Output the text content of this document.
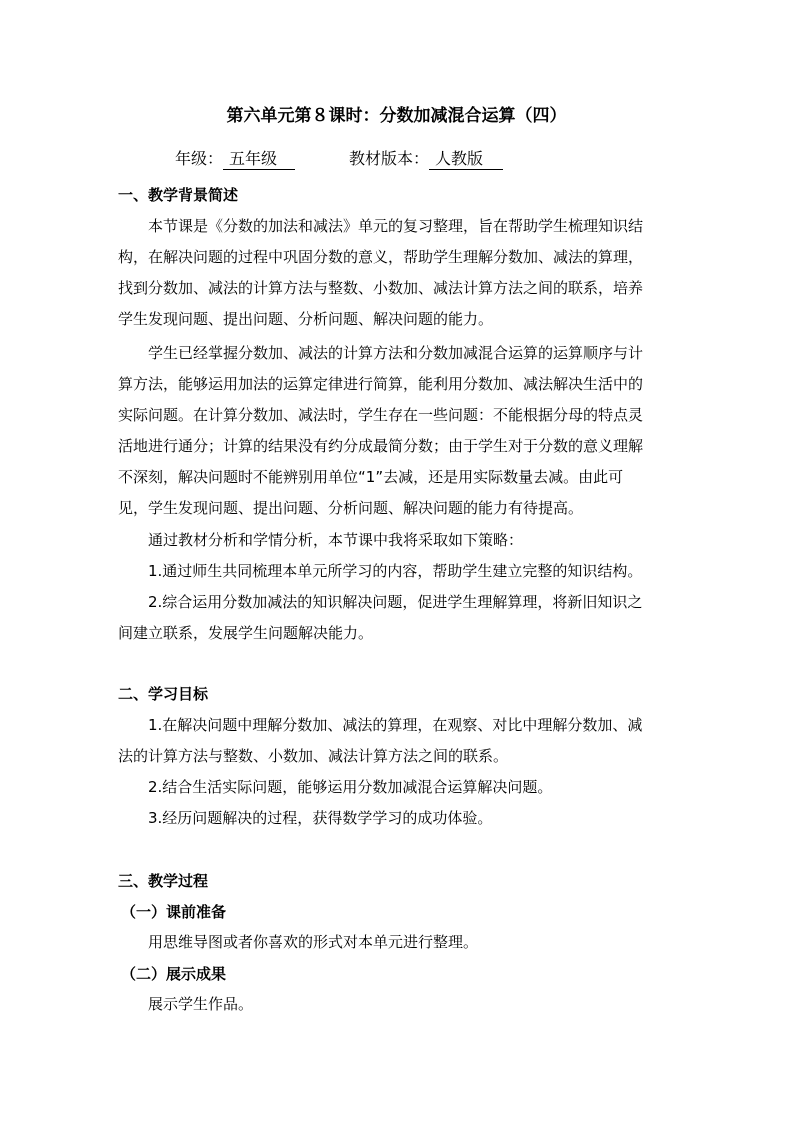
第六单元第８课时：分数加减混合运算（四）
年级： 五年级	教材版本： 人教版
一、教学背景简述
本节课是《分数的加法和减法》单元的复习整理，旨在帮助学生梳理知识结
构，在解决问题的过程中巩固分数的意义，帮助学生理解分数加、减法的算理，
找到分数加、减法的计算方法与整数、小数加、减法计算方法之间的联系，培养
学生发现问题、提出问题、分析问题、解决问题的能力。
学生已经掌握分数加、减法的计算方法和分数加减混合运算的运算顺序与计
算方法，能够运用加法的运算定律进行简算，能利用分数加、减法解决生活中的
实际问题。在计算分数加、减法时，学生存在一些问题：不能根据分母的特点灵
活地进行通分；计算的结果没有约分成最简分数；由于学生对于分数的意义理解
不深刻，解决问题时不能辨别用单位“1”去减，还是用实际数量去减。由此可
见，学生发现问题、提出问题、分析问题、解决问题的能力有待提高。
通过教材分析和学情分析，本节课中我将采取如下策略：
1.通过师生共同梳理本单元所学习的内容，帮助学生建立完整的知识结构。
2.综合运用分数加减法的知识解决问题，促进学生理解算理，将新旧知识之
间建立联系，发展学生问题解决能力。
二、学习目标
1.在解决问题中理解分数加、减法的算理，在观察、对比中理解分数加、减
法的计算方法与整数、小数加、减法计算方法之间的联系。
2.结合生活实际问题，能够运用分数加减混合运算解决问题。
3.经历问题解决的过程，获得数学学习的成功体验。
三、教学过程
（一）课前准备
用思维导图或者你喜欢的形式对本单元进行整理。
（二）展示成果
展示学生作品。
